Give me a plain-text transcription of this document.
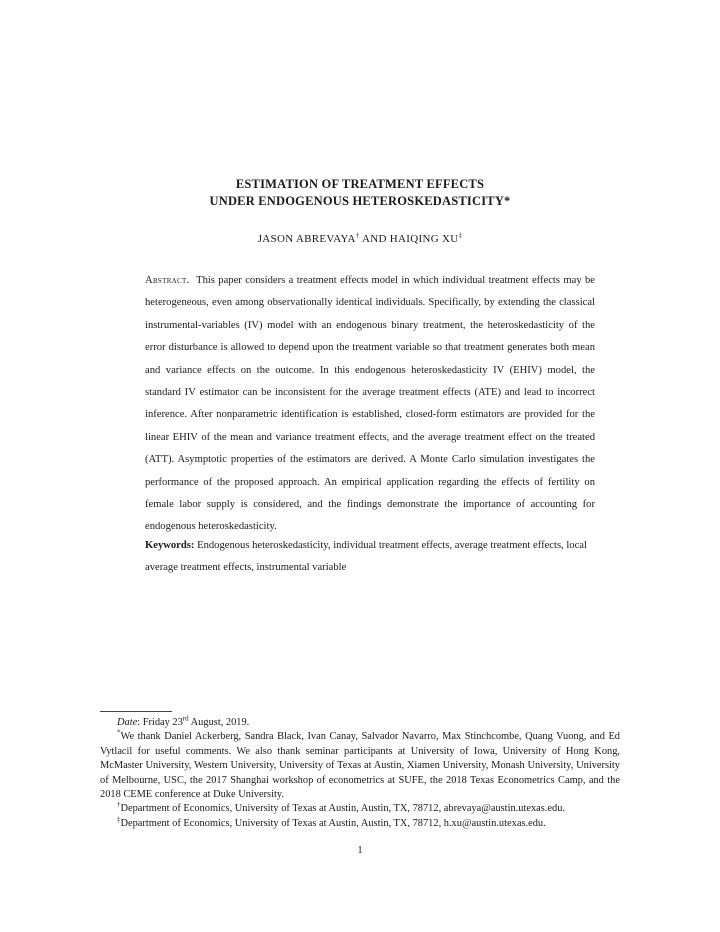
ESTIMATION OF TREATMENT EFFECTS
UNDER ENDOGENOUS HETEROSKEDASTICITY*
JASON ABREVAYA† AND HAIQING XU‡
Abstract. This paper considers a treatment effects model in which individual treatment effects may be heterogeneous, even among observationally identical individuals. Specifically, by extending the classical instrumental-variables (IV) model with an endogenous binary treatment, the heteroskedasticity of the error disturbance is allowed to depend upon the treatment variable so that treatment generates both mean and variance effects on the outcome. In this endogenous heteroskedasticity IV (EHIV) model, the standard IV estimator can be inconsistent for the average treatment effects (ATE) and lead to incorrect inference. After nonparametric identification is established, closed-form estimators are provided for the linear EHIV of the mean and variance treatment effects, and the average treatment effect on the treated (ATT). Asymptotic properties of the estimators are derived. A Monte Carlo simulation investigates the performance of the proposed approach. An empirical application regarding the effects of fertility on female labor supply is considered, and the findings demonstrate the importance of accounting for endogenous heteroskedasticity.
Keywords: Endogenous heteroskedasticity, individual treatment effects, average treatment effects, local average treatment effects, instrumental variable

Date: Friday 23rd August, 2019.

*We thank Daniel Ackerberg, Sandra Black, Ivan Canay, Salvador Navarro, Max Stinchcombe, Quang Vuong, and Ed Vytlacil for useful comments. We also thank seminar participants at University of Iowa, University of Hong Kong, McMaster University, Western University, University of Texas at Austin, Xiamen University, Monash University, University of Melbourne, USC, the 2017 Shanghai workshop of econometrics at SUFE, the 2018 Texas Econometrics Camp, and the 2018 CEME conference at Duke University.

†Department of Economics, University of Texas at Austin, Austin, TX, 78712, abrevaya@austin.utexas.edu.

‡Department of Economics, University of Texas at Austin, Austin, TX, 78712, h.xu@austin.utexas.edu.

1
